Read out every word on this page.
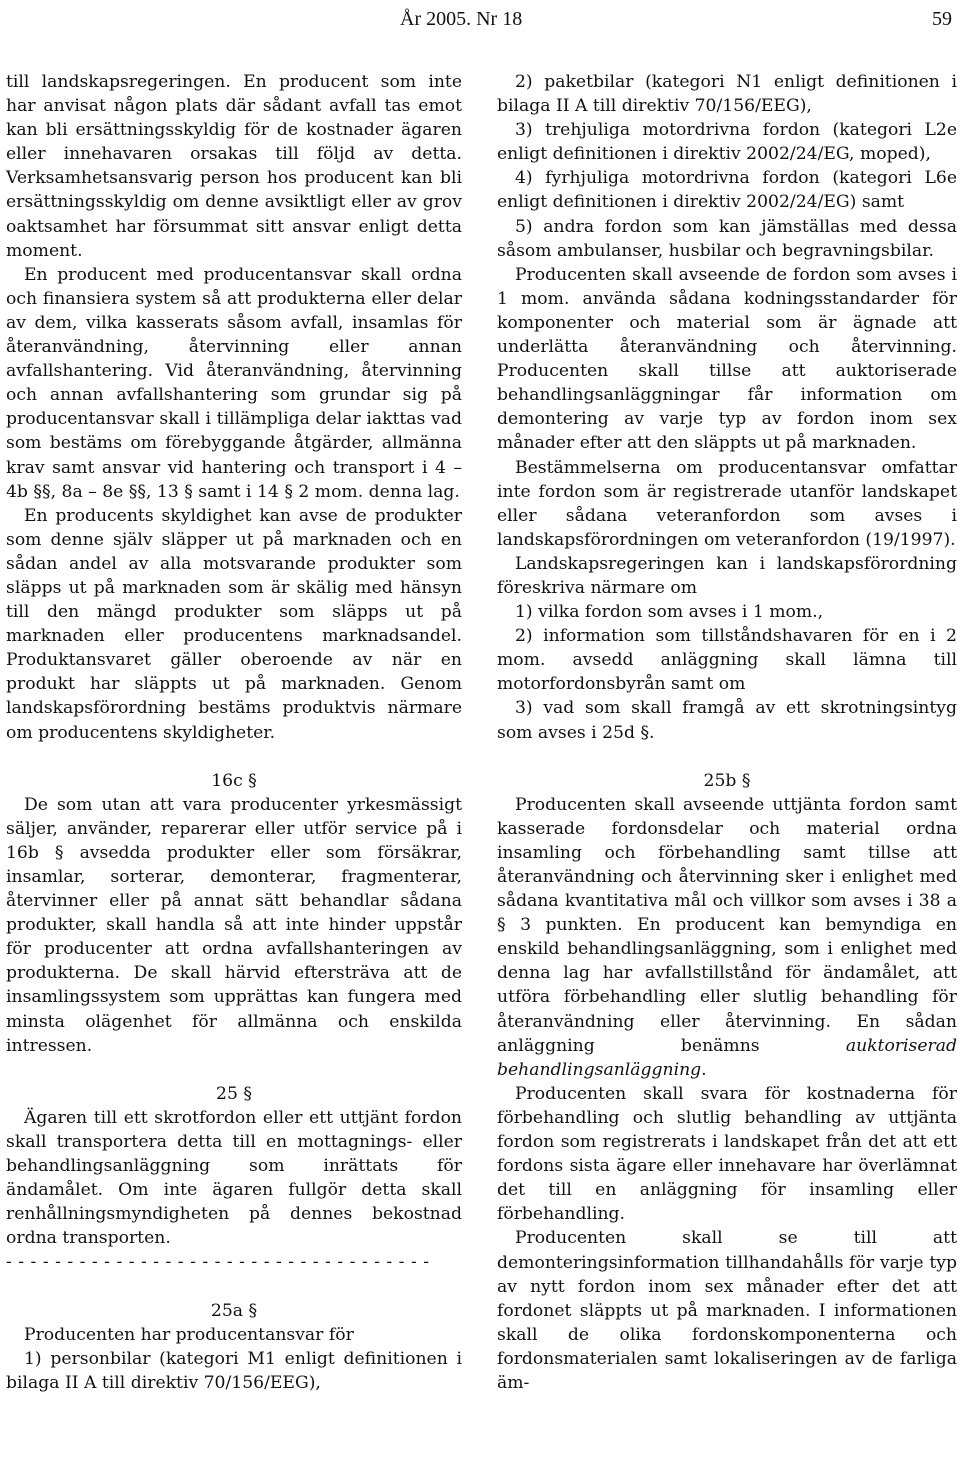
År 2005. Nr 18	59

till landskapsregeringen. En producent som inte har anvisat någon plats där sådant avfall tas emot kan bli ersättningsskyldig för de kostnader ägaren eller innehavaren orsakas till följd av detta. Verksamhetsansvarig person hos producent kan bli ersättningsskyldig om denne avsiktligt eller av grov oaktsamhet har försummat sitt ansvar enligt detta moment.

En producent med producentansvar skall ordna och finansiera system så att produkterna eller delar av dem, vilka kasserats såsom avfall, insamlas för återanvändning, återvinning eller annan avfallshantering. Vid återanvändning, återvinning och annan avfallshantering som grundar sig på producentansvar skall i tillämpliga delar iakttas vad som bestäms om förebyggande åtgärder, allmänna krav samt ansvar vid hantering och transport i 4 – 4b §§, 8a – 8e §§, 13 § samt i 14 § 2 mom. denna lag.

En producents skyldighet kan avse de produkter som denne själv släpper ut på marknaden och en sådan andel av alla motsvarande produkter som släpps ut på marknaden som är skälig med hänsyn till den mängd produkter som släpps ut på marknaden eller producentens marknadsandel. Produktansvaret gäller oberoende av när en produkt har släppts ut på marknaden. Genom landskapsförordning bestäms produktvis närmare om producentens skyldigheter.

16c §

De som utan att vara producenter yrkesmässigt säljer, använder, reparerar eller utför service på i 16b § avsedda produkter eller som försäkrar, insamlar, sorterar, demonterar, fragmenterar, återvinner eller på annat sätt behandlar sådana produkter, skall handla så att inte hinder uppstår för producenter att ordna avfallshanteringen av produkterna. De skall härvid eftersträva att de insamlingssystem som upprättas kan fungera med minsta olägenhet för allmänna och enskilda intressen.

25 §

Ägaren till ett skrotfordon eller ett uttjänt fordon skall transportera detta till en mottagnings- eller behandlingsanläggning som inrättats för ändamålet. Om inte ägaren fullgör detta skall renhållningsmyndigheten på dennes bekostnad ordna transporten.

- - - - - - - - - - - - - - - - - - - - - - - - - - - - - - - - - - -

25a §

Producenten har producentansvar för

1) personbilar (kategori M1 enligt definitionen i bilaga II A till direktiv 70/156/EEG),

2) paketbilar (kategori N1 enligt definitionen i bilaga II A till direktiv 70/156/EEG),

3) trehjuliga motordrivna fordon (kategori L2e enligt definitionen i direktiv 2002/24/EG, moped),

4) fyrhjuliga motordrivna fordon (kategori L6e enligt definitionen i direktiv 2002/24/EG) samt

5) andra fordon som kan jämställas med dessa såsom ambulanser, husbilar och begravningsbilar.

Producenten skall avseende de fordon som avses i 1 mom. använda sådana kodningsstandarder för komponenter och material som är ägnade att underlätta återanvändning och återvinning. Producenten skall tillse att auktoriserade behandlingsanläggningar får information om demontering av varje typ av fordon inom sex månader efter att den släppts ut på marknaden.

Bestämmelserna om producentansvar omfattar inte fordon som är registrerade utanför landskapet eller sådana veteranfordon som avses i landskapsförordningen om veteranfordon (19/1997).

Landskapsregeringen kan i landskapsförordning föreskriva närmare om

1) vilka fordon som avses i 1 mom.,

2) information som tillståndshavaren för en i 2 mom. avsedd anläggning skall lämna till motorfordonsbyrån samt om

3) vad som skall framgå av ett skrotningsintyg som avses i 25d §.

25b §

Producenten skall avseende uttjänta fordon samt kasserade fordonsdelar och material ordna insamling och förbehandling samt tillse att återanvändning och återvinning sker i enlighet med sådana kvantitativa mål och villkor som avses i 38 a § 3 punkten. En producent kan bemyndiga en enskild behandlingsanläggning, som i enlighet med denna lag har avfallstillstånd för ändamålet, att utföra förbehandling eller slutlig behandling för återanvändning eller återvinning. En sådan anläggning benämns auktoriserad behandlingsanläggning.

Producenten skall svara för kostnaderna för förbehandling och slutlig behandling av uttjänta fordon som registrerats i landskapet från det att ett fordons sista ägare eller innehavare har överlämnat det till en anläggning för insamling eller förbehandling.

Producenten skall se till att demonteringsinformation tillhandahålls för varje typ av nytt fordon inom sex månader efter det att fordonet släppts ut på marknaden. I informationen skall de olika fordonskomponenterna och fordonsmaterialen samt lokaliseringen av de farliga äm-
